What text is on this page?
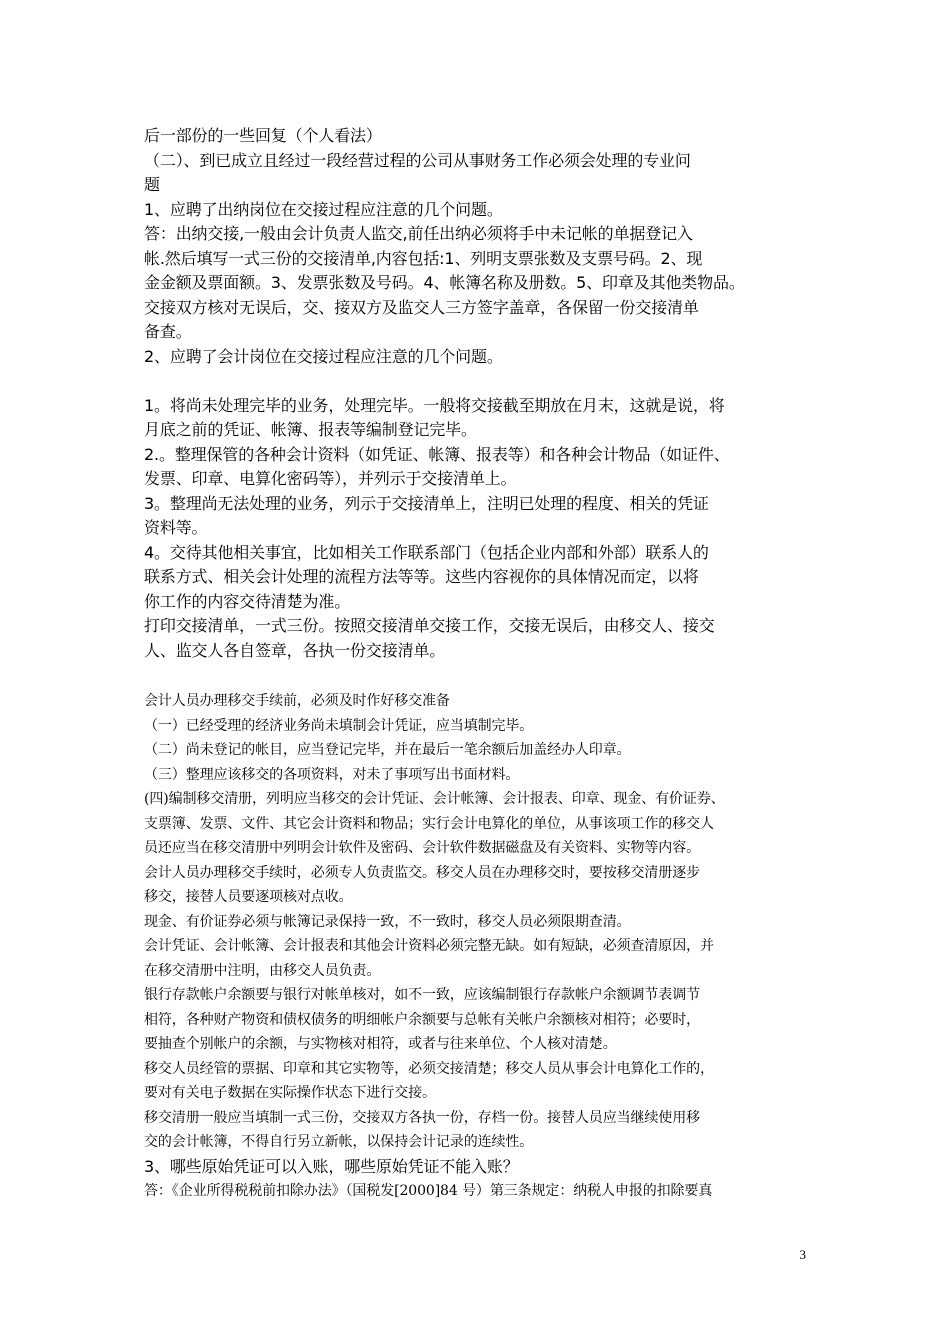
后一部份的一些回复（个人看法）

（二）、到已成立且经过一段经营过程的公司从事财务工作必须会处理的专业问

题

1、应聘了出纳岗位在交接过程应注意的几个问题。

答：出纳交接,一般由会计负责人监交,前任出纳必须将手中未记帐的单据登记入

帐.然后填写一式三份的交接清单,内容包括:1、列明支票张数及支票号码。2、现

金金额及票面额。3、发票张数及号码。4、帐簿名称及册数。5、印章及其他类物品。

交接双方核对无误后，交、接双方及监交人三方签字盖章，各保留一份交接清单

备查。

2、应聘了会计岗位在交接过程应注意的几个问题。

1。将尚未处理完毕的业务，处理完毕。一般将交接截至期放在月末，这就是说，将

月底之前的凭证、帐簿、报表等编制登记完毕。

2.。整理保管的各种会计资料（如凭证、帐簿、报表等）和各种会计物品（如证件、

发票、印章、电算化密码等），并列示于交接清单上。

3。整理尚无法处理的业务，列示于交接清单上，注明已处理的程度、相关的凭证

资料等。

4。交待其他相关事宜，比如相关工作联系部门（包括企业内部和外部）联系人的

联系方式、相关会计处理的流程方法等等。这些内容视你的具体情况而定，以将

你工作的内容交待清楚为准。

打印交接清单，一式三份。按照交接清单交接工作，交接无误后，由移交人、接交

人、监交人各自签章，各执一份交接清单。

会计人员办理移交手续前，必须及时作好移交准备

（一）已经受理的经济业务尚未填制会计凭证，应当填制完毕。

（二）尚未登记的帐目，应当登记完毕，并在最后一笔余额后加盖经办人印章。

（三）整理应该移交的各项资料，对未了事项写出书面材料。

(四)编制移交清册，列明应当移交的会计凭证、会计帐簿、会计报表、印章、现金、有价证券、

支票簿、发票、文件、其它会计资料和物品；实行会计电算化的单位，从事该项工作的移交人

员还应当在移交清册中列明会计软件及密码、会计软件数据磁盘及有关资料、实物等内容。

会计人员办理移交手续时，必须专人负责监交。移交人员在办理移交时，要按移交清册逐步

移交，接替人员要逐项核对点收。

现金、有价证券必须与帐簿记录保持一致，不一致时，移交人员必须限期查清。

会计凭证、会计帐簿、会计报表和其他会计资料必须完整无缺。如有短缺，必须查清原因，并

在移交清册中注明，由移交人员负责。

银行存款帐户余额要与银行对帐单核对，如不一致，应该编制银行存款帐户余额调节表调节

相符，各种财产物资和债权债务的明细帐户余额要与总帐有关帐户余额核对相符；必要时，

要抽查个别帐户的余额，与实物核对相符，或者与往来单位、个人核对清楚。

移交人员经管的票据、印章和其它实物等，必须交接清楚；移交人员从事会计电算化工作的，

要对有关电子数据在实际操作状态下进行交接。

移交清册一般应当填制一式三份，交接双方各执一份，存档一份。接替人员应当继续使用移

交的会计帐簿，不得自行另立新帐，以保持会计记录的连续性。

3、哪些原始凭证可以入账，哪些原始凭证不能入账？

答：《企业所得税税前扣除办法》（国税发[2000]84 号）第三条规定：纳税人申报的扣除要真

3
